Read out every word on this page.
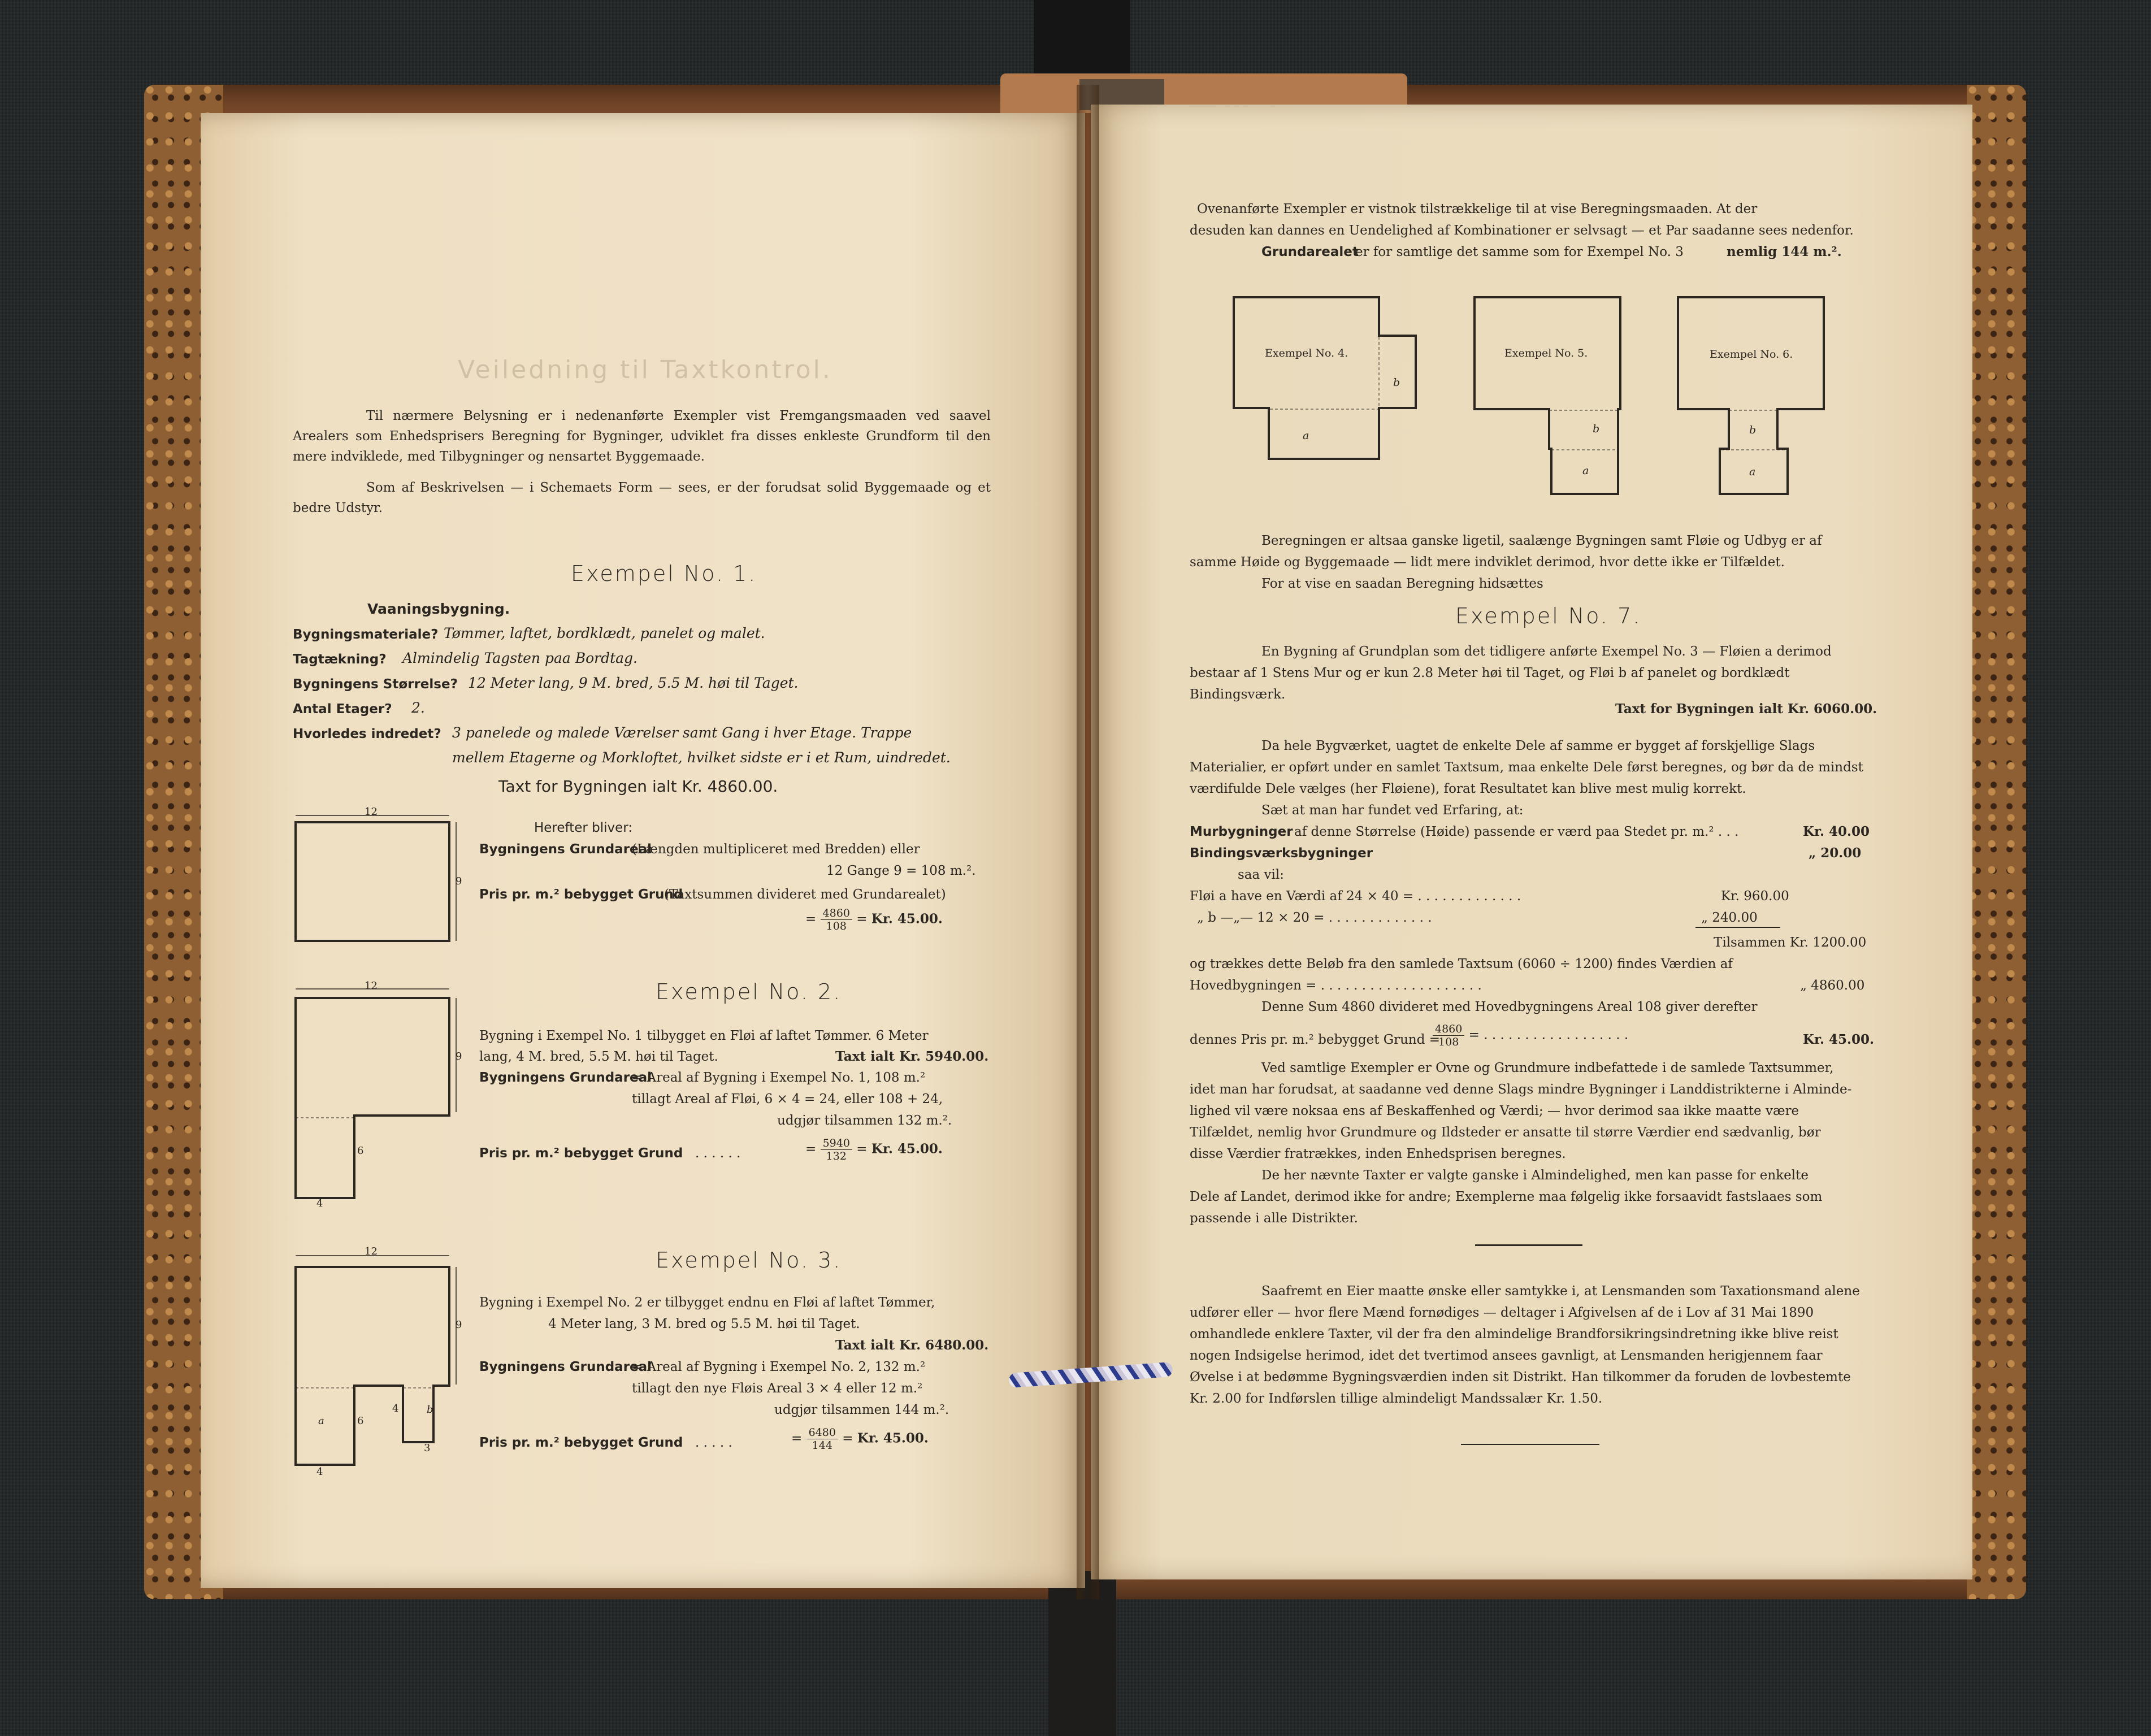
Veiledning til Taxtkontrol.
Til nærmere Belysning er i nedenanførte Exempler vist Fremgangsmaaden ved saavel Arealers som Enhedsprisers Beregning for Bygninger, udviklet fra disses enkleste Grundform til den mere indviklede, med Tilbygninger og nensartet Byggemaade.
Som af Beskrivelsen — i Schemaets Form — sees, er der forudsat solid Byggemaade og et bedre Udstyr.
Exempel No. 1.
Vaaningsbygning.
Bygningsmateriale? Tømmer, laftet, bordklædt, panelet og malet.
Tagtækning? Almindelig Tagsten paa Bordtag.
Bygningens Størrelse? 12 Meter lang, 9 M. bred, 5.5 M. høi til Taget.
Antal Etager? 2.
Hvorledes indredet? 3 panelede og malede Værelser samt Gang i hver Etage. Trappe
mellem Etagerne og Morkloftet, hvilket sidste er i et Rum, uindredet.
Taxt for Bygningen ialt Kr. 4860.00.
12
9
Herefter bliver:
Bygningens Grundareal
(Længden multipliceret med Bredden) eller
12 Gange 9 = 108 m.².
Pris pr. m.² bebygget Grund
(Taxtsummen divideret med Grundarealet)
= $\frac{4860}{108} = Kr$. 45.00.
Exempel No. 2.
12
9
6
4
Bygning i Exempel No. 1 tilbygget en Fløi af laftet Tømmer. 6 Meter
lang, 4 M. bred, 5.5 M. høi til Taget.	Taxt ialt Kr. 5940.00.
Bygningens Grundareal
= Areal af Bygning i Exempel No. 1, 108 m.²
tillagt Areal af Fløi, 6 × 4 = 24, eller 108 + 24,
udgjør tilsammen 132 m.².
Pris pr. m.² bebygget Grund . . . . . .	= $\frac{5940}{132} = Kr$. 45.00.
Exempel No. 3.
12
9
6
4
3
4
a
b
Bygning i Exempel No. 2 er tilbygget endnu en Fløi af laftet Tømmer,
4 Meter lang, 3 M. bred og 5.5 M. høi til Taget.
Taxt ialt Kr. 6480.00.
Bygningens Grundareal
= Areal af Bygning i Exempel No. 2, 132 m.²
tillagt den nye Fløis Areal 3 × 4 eller 12 m.²
udgjør tilsammen 144 m.².
Pris pr. m.² bebygget Grund . . . . .	= $\frac{6480}{144} = Kr$. 45.00.
Ovenanførte Exempler er vistnok tilstrækkelige til at vise Beregningsmaaden. At der
desuden kan dannes en Uendelighed af Kombinationer er selvsagt — et Par saadanne sees nedenfor.
Grundarealet
er for samtlige det samme som for Exempel No. 3	nemlig 144 m.².
Exempel No. 4.
a
b
Exempel No. 5.
a
b
Exempel No. 6.
a
b
Beregningen er altsaa ganske ligetil, saalænge Bygningen samt Fløie og Udbyg er af
samme Høide og Byggemaade — lidt mere indviklet derimod, hvor dette ikke er Tilfældet.
For at vise en saadan Beregning hidsættes
Exempel No. 7.
En Bygning af Grundplan som det tidligere anførte Exempel No. 3 — Fløien a derimod
bestaar af 1 Stens Mur og er kun 2.8 Meter høi til Taget, og Fløi b af panelet og bordklædt
Bindingsværk.
Taxt for Bygningen ialt Kr. 6060.00.
Da hele Bygværket, uagtet de enkelte Dele af samme er bygget af forskjellige Slags
Materialier, er opført under en samlet Taxtsum, maa enkelte Dele først beregnes, og bør da de mindst
værdifulde Dele vælges (her Fløiene), forat Resultatet kan blive mest mulig korrekt.
Sæt at man har fundet ved Erfaring, at:
Murbygninger af denne Størrelse (Høide) passende er værd paa Stedet pr. m.² . . .	Kr. 40.00
Bindingsværksbygninger	„ 20.00
saa vil:
Fløi a have en Værdi af 24 × 40 = . . . . . . . . . . . . .	Kr. 960.00
„ b —„— 12 × 20 = . . . . . . . . . . . . .	„ 240.00
Tilsammen Kr. 1200.00
og trækkes dette Beløb fra den samlede Taxtsum (6060 ÷ 1200) findes Værdien af
Hovedbygningen = . . . . . . . . . . . . . . . . . . . .	„ 4860.00
Denne Sum 4860 divideret med Hovedbygningens Areal 108 giver derefter
dennes Pris pr. m.² bebygget Grund =
$\frac{4860}{108}$ = . . . . . . . . . . . . . . . . . .	Kr. 45.00.
Ved samtlige Exempler er Ovne og Grundmure indbefattede i de samlede Taxtsummer,
idet man har forudsat, at saadanne ved denne Slags mindre Bygninger i Landdistrikterne i Alminde-
lighed vil være noksaa ens af Beskaffenhed og Værdi; — hvor derimod saa ikke maatte være
Tilfældet, nemlig hvor Grundmure og Ildsteder er ansatte til større Værdier end sædvanlig, bør
disse Værdier fratrækkes, inden Enhedsprisen beregnes.
De her nævnte Taxter er valgte ganske i Almindelighed, men kan passe for enkelte
Dele af Landet, derimod ikke for andre; Exemplerne maa følgelig ikke forsaavidt fastslaaes som
passende i alle Distrikter.
Saafremt en Eier maatte ønske eller samtykke i, at Lensmanden som Taxationsmand alene
udfører eller — hvor flere Mænd fornødiges — deltager i Afgivelsen af de i Lov af 31 Mai 1890
omhandlede enklere Taxter, vil der fra den almindelige Brandforsikringsindretning ikke blive reist
nogen Indsigelse herimod, idet det tvertimod ansees gavnligt, at Lensmanden herigjennem faar
Øvelse i at bedømme Bygningsværdien inden sit Distrikt. Han tilkommer da foruden de lovbestemte
Kr. 2.00 for Indførslen tillige almindeligt Mandssalær Kr. 1.50.
